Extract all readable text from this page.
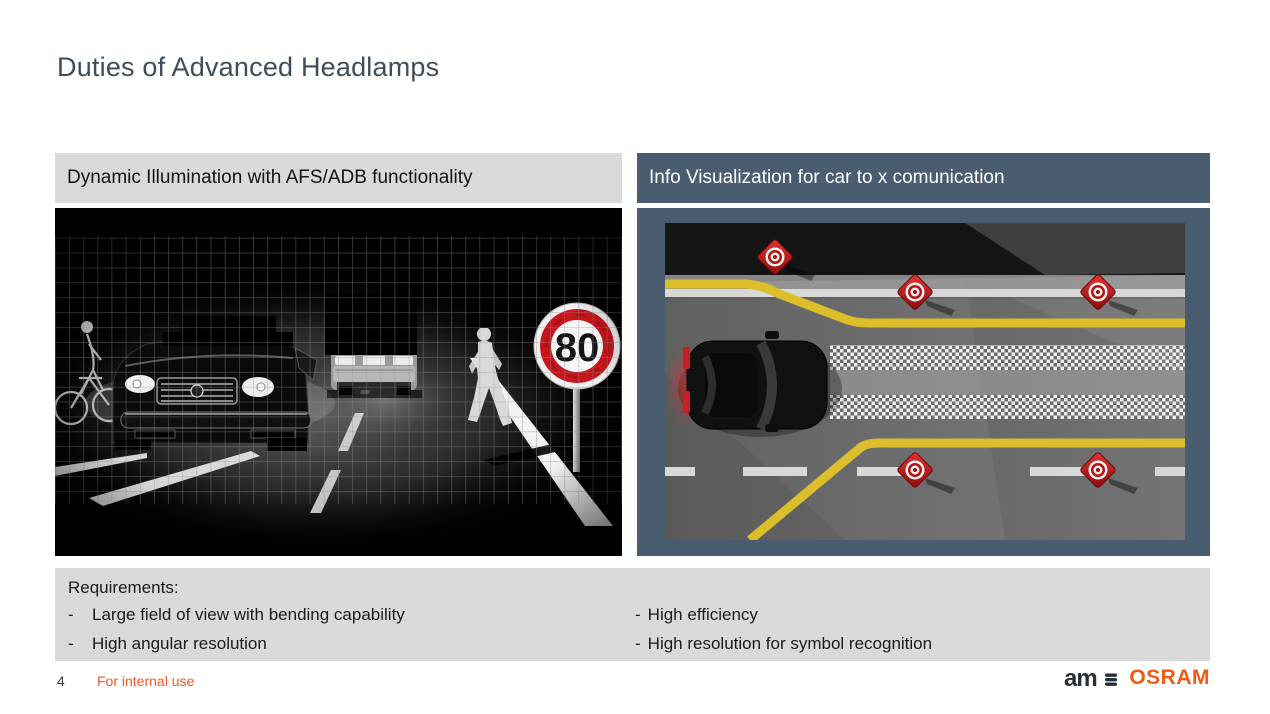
Duties of Advanced Headlamps
Dynamic Illumination with AFS/ADB functionality	Info Visualization for car to x comunication
Requirements:
-	Large field of view with bending capability
-	High angular resolution
- High efficiency
- High resolution for symbol recognition
4 For internal use	am OSRAM
